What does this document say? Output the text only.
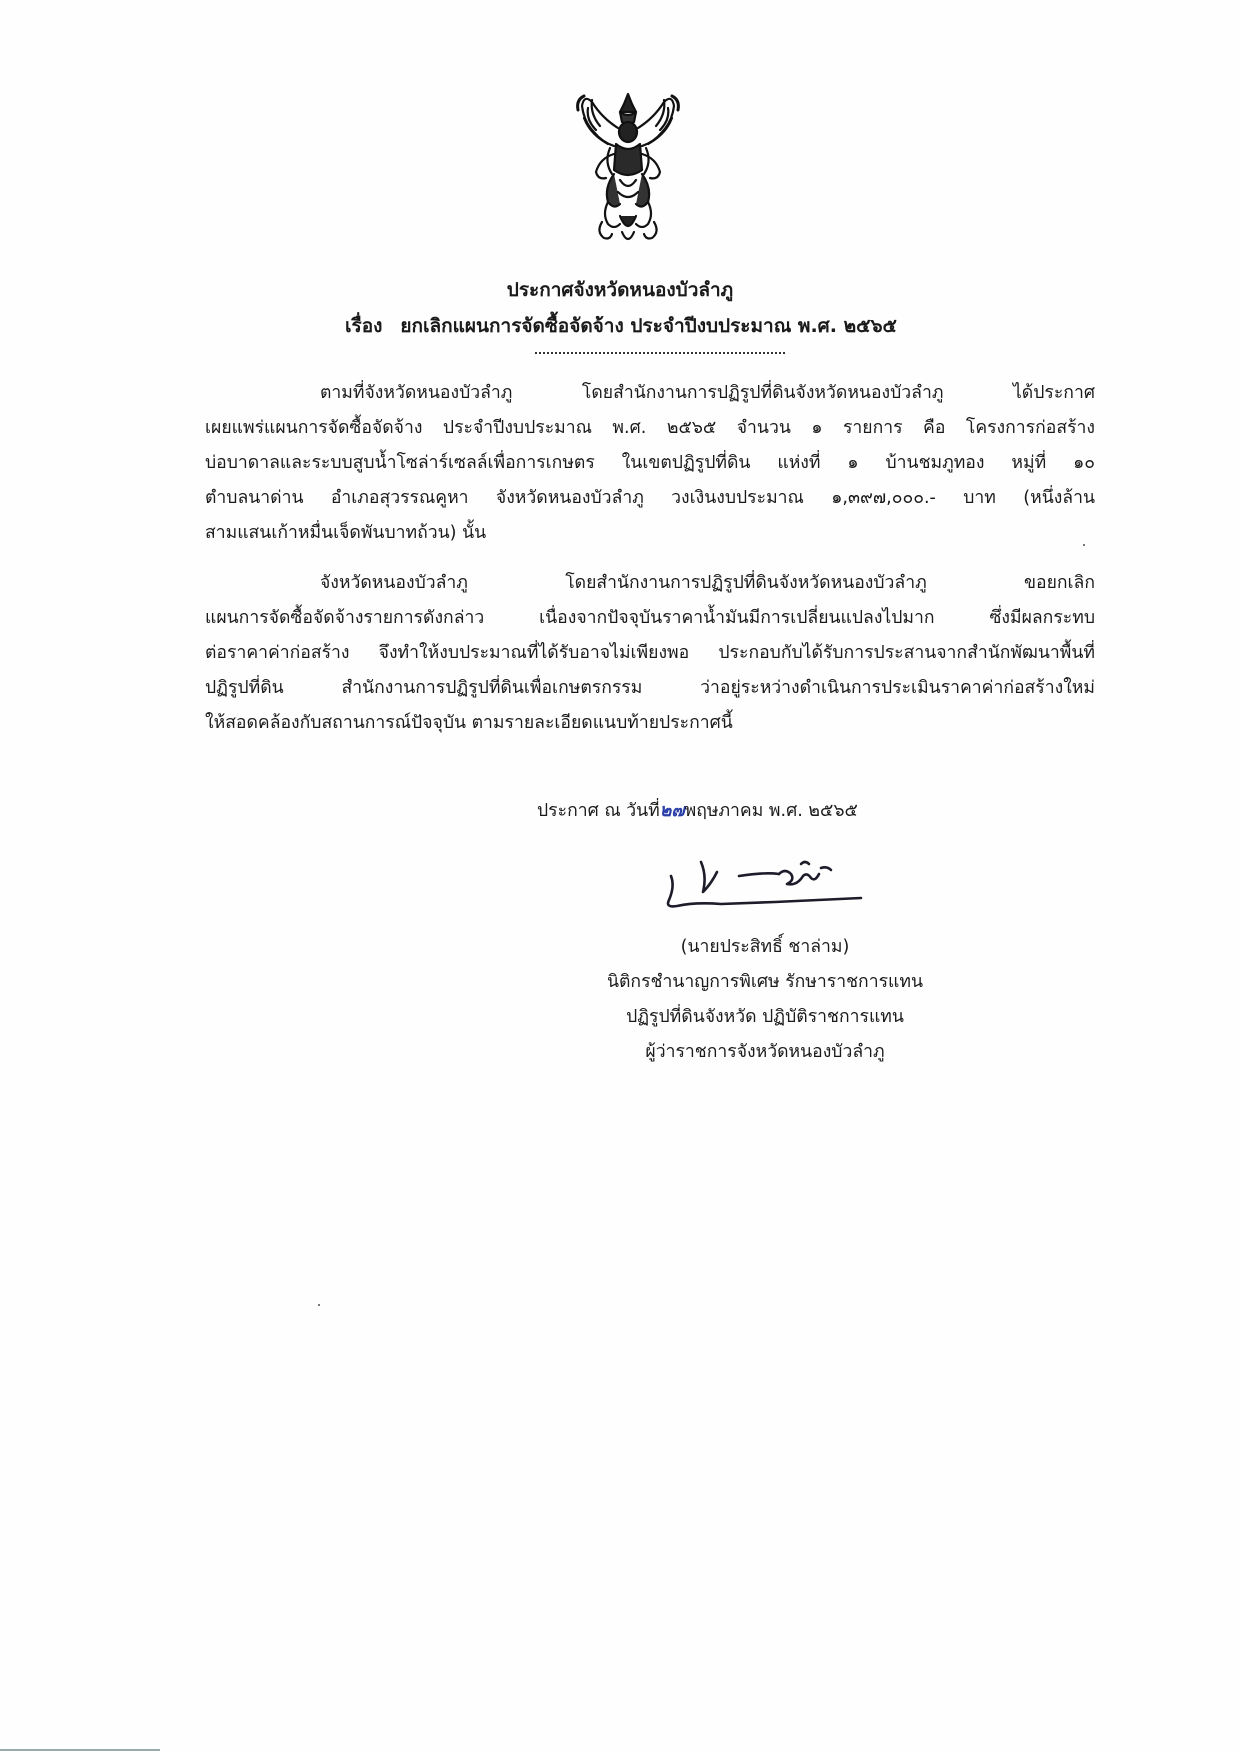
ประกาศจังหวัดหนองบัวลำภู
เรื่อง ยกเลิกแผนการจัดซื้อจัดจ้าง ประจำปีงบประมาณ พ.ศ. ๒๕๖๕
ตามที่จังหวัดหนองบัวลำภู โดยสำนักงานการปฏิรูปที่ดินจังหวัดหนองบัวลำภู ได้ประกาศ
เผยแพร่แผนการจัดซื้อจัดจ้าง ประจำปีงบประมาณ พ.ศ. ๒๕๖๕ จำนวน ๑ รายการ คือ โครงการก่อสร้าง
บ่อบาดาลและระบบสูบน้ำโซล่าร์เซลล์เพื่อการเกษตร ในเขตปฏิรูปที่ดิน แห่งที่ ๑ บ้านชมภูทอง หมู่ที่ ๑๐
ตำบลนาด่าน อำเภอสุวรรณคูหา จังหวัดหนองบัวลำภู วงเงินงบประมาณ ๑,๓๙๗,๐๐๐.- บาท (หนึ่งล้าน
สามแสนเก้าหมื่นเจ็ดพันบาทถ้วน) นั้น
จังหวัดหนองบัวลำภู โดยสำนักงานการปฏิรูปที่ดินจังหวัดหนองบัวลำภู ขอยกเลิก
แผนการจัดซื้อจัดจ้างรายการดังกล่าว เนื่องจากปัจจุบันราคาน้ำมันมีการเปลี่ยนแปลงไปมาก ซึ่งมีผลกระทบ
ต่อราคาค่าก่อสร้าง จึงทำให้งบประมาณที่ได้รับอาจไม่เพียงพอ ประกอบกับได้รับการประสานจากสำนักพัฒนาพื้นที่
ปฏิรูปที่ดิน สำนักงานการปฏิรูปที่ดินเพื่อเกษตรกรรม ว่าอยู่ระหว่างดำเนินการประเมินราคาค่าก่อสร้างใหม่
ให้สอดคล้องกับสถานการณ์ปัจจุบัน ตามรายละเอียดแนบท้ายประกาศนี้
ประกาศ ณ วันที่๒๗พฤษภาคม พ.ศ. ๒๕๖๕
(นายประสิทธิ์ ชาล่าม)
นิติกรชำนาญการพิเศษ รักษาราชการแทน
ปฏิรูปที่ดินจังหวัด ปฏิบัติราชการแทน
ผู้ว่าราชการจังหวัดหนองบัวลำภู
